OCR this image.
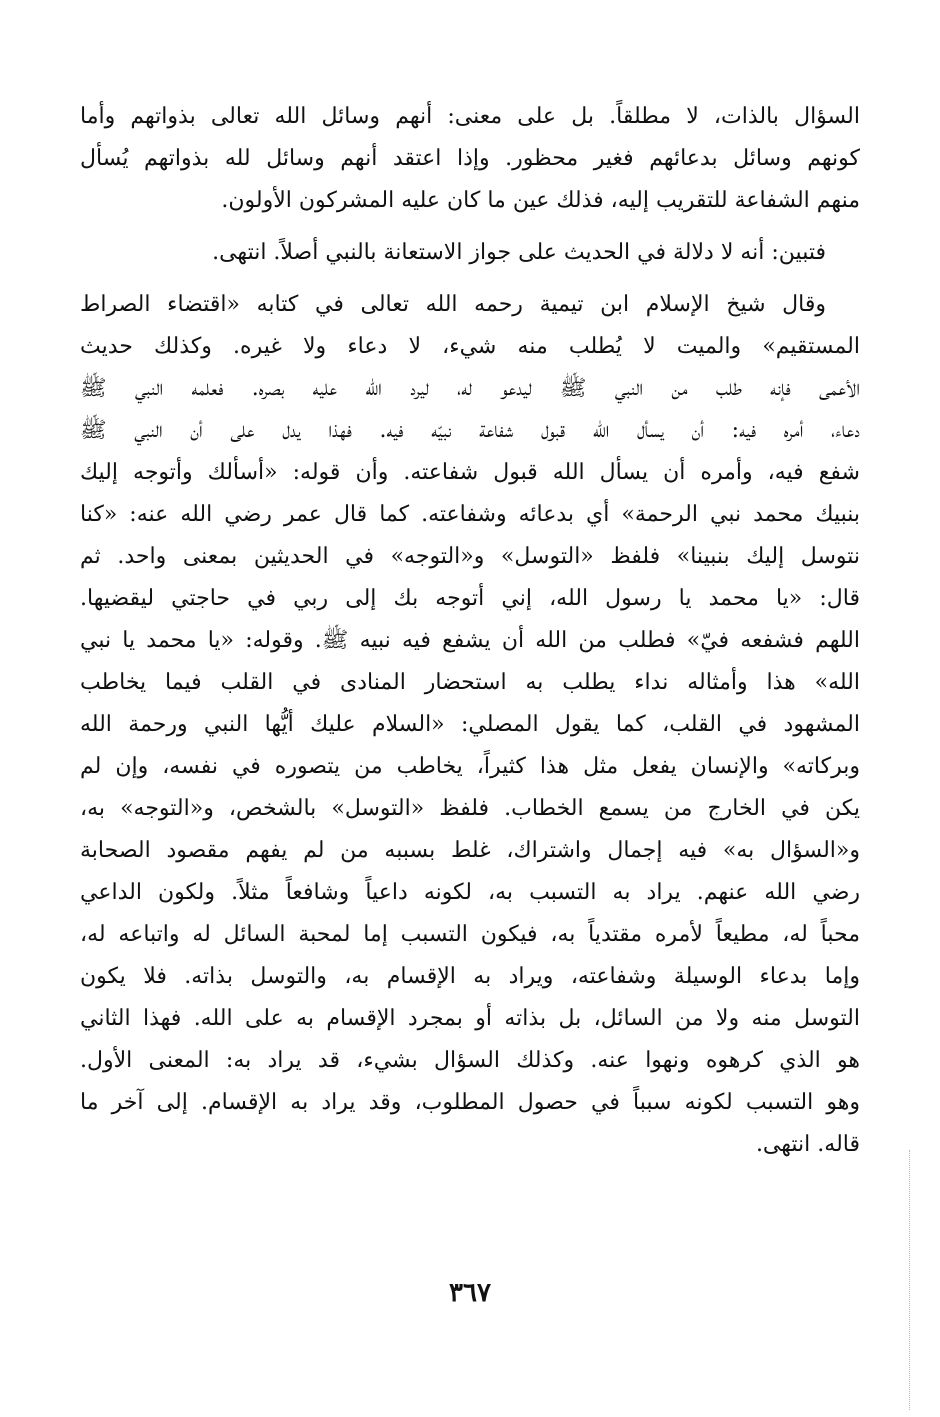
السؤال بالذات، لا مطلقاً. بل على معنى: أنهم وسائل الله تعالى بذواتهم وأما
كونهم وسائل بدعائهم فغير محظور. وإذا اعتقد أنهم وسائل لله بذواتهم يُسأل
منهم الشفاعة للتقريب إليه، فذلك عين ما كان عليه المشركون الأولون.
فتبين: أنه لا دلالة في الحديث على جواز الاستعانة بالنبي أصلاً. انتهى.
وقال شيخ الإسلام ابن تيمية رحمه الله تعالى في كتابه «اقتضاء الصراط
المستقيم» والميت لا يُطلب منه شيء، لا دعاء ولا غيره. وكذلك حديث
الأعمى فإنه طلب من النبي ﷺ ليدعو له، ليرد الله عليه بصره. فعلمه النبي ﷺ
دعاء، أمره فيه: أن يسأل الله قبول شفاعة نبيّه فيه. فهذا يدل على أن النبي ﷺ
شفع فيه، وأمره أن يسأل الله قبول شفاعته. وأن قوله: «أسألك وأتوجه إليك
بنبيك محمد نبي الرحمة» أي بدعائه وشفاعته. كما قال عمر رضي الله عنه: «كنا
نتوسل إليك بنبينا» فلفظ «التوسل» و«التوجه» في الحديثين بمعنى واحد. ثم
قال: «يا محمد يا رسول الله، إني أتوجه بك إلى ربي في حاجتي ليقضيها.
اللهم فشفعه فيّ» فطلب من الله أن يشفع فيه نبيه ﷺ. وقوله: «يا محمد يا نبي
الله» هذا وأمثاله نداء يطلب به استحضار المنادى في القلب فيما يخاطب
المشهود في القلب، كما يقول المصلي: «السلام عليك أيُّها النبي ورحمة الله
وبركاته» والإنسان يفعل مثل هذا كثيراً، يخاطب من يتصوره في نفسه، وإن لم
يكن في الخارج من يسمع الخطاب. فلفظ «التوسل» بالشخص، و«التوجه» به،
و«السؤال به» فيه إجمال واشتراك، غلط بسببه من لم يفهم مقصود الصحابة
رضي الله عنهم. يراد به التسبب به، لكونه داعياً وشافعاً مثلاً. ولكون الداعي
محباً له، مطيعاً لأمره مقتدياً به، فيكون التسبب إما لمحبة السائل له واتباعه له،
وإما بدعاء الوسيلة وشفاعته، ويراد به الإقسام به، والتوسل بذاته. فلا يكون
التوسل منه ولا من السائل، بل بذاته أو بمجرد الإقسام به على الله. فهذا الثاني
هو الذي كرهوه ونهوا عنه. وكذلك السؤال بشيء، قد يراد به: المعنى الأول.
وهو التسبب لكونه سبباً في حصول المطلوب، وقد يراد به الإقسام. إلى آخر ما
قاله. انتهى.
٣٦٧
